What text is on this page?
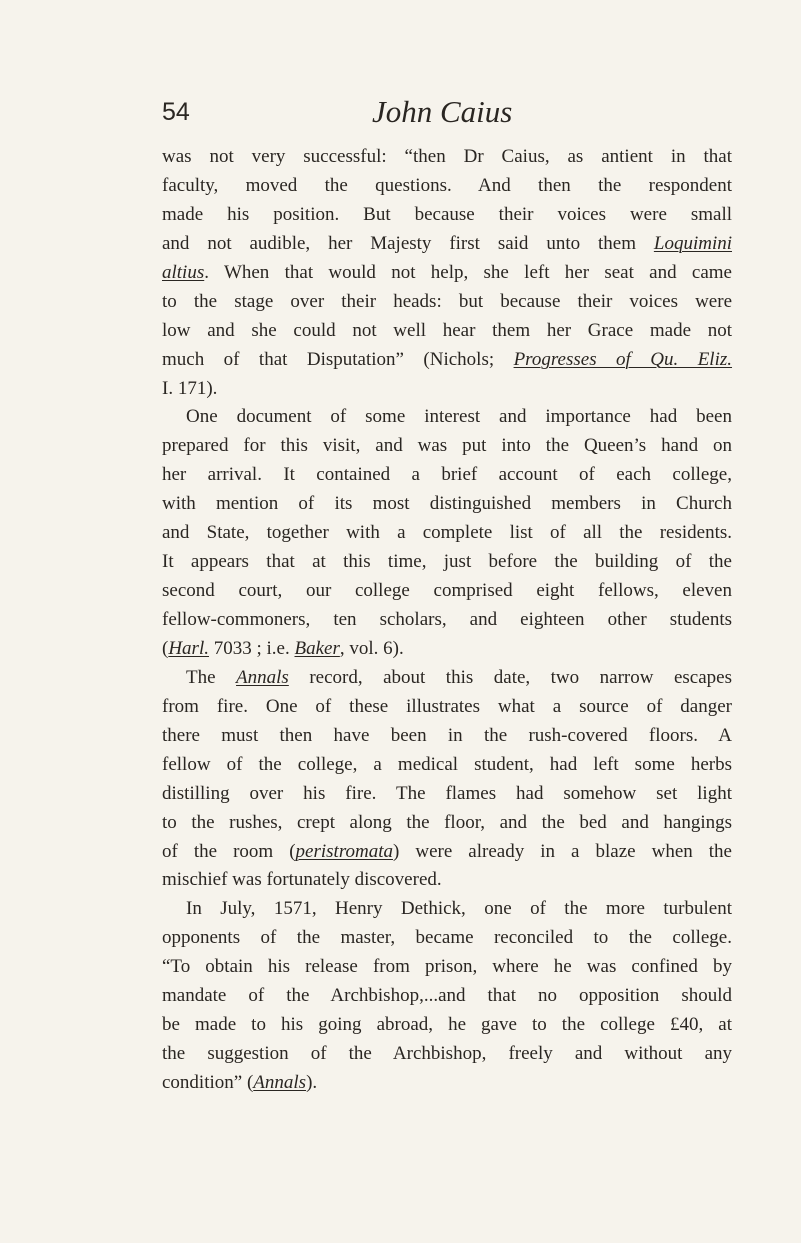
54	John Caius
was not very successful: “then Dr Caius, as antient in that
faculty, moved the questions. And then the respondent
made his position. But because their voices were small
and not audible, her Majesty first said unto them Loquimini
altius. When that would not help, she left her seat and came
to the stage over their heads: but because their voices were
low and she could not well hear them her Grace made not
much of that Disputation” (Nichols; Progresses of Qu. Eliz.
I. 171).
One document of some interest and importance had been
prepared for this visit, and was put into the Queen’s hand on
her arrival. It contained a brief account of each college,
with mention of its most distinguished members in Church
and State, together with a complete list of all the residents.
It appears that at this time, just before the building of the
second court, our college comprised eight fellows, eleven
fellow-commoners, ten scholars, and eighteen other students
(Harl. 7033 ; i.e. Baker, vol. 6).
The Annals record, about this date, two narrow escapes
from fire. One of these illustrates what a source of danger
there must then have been in the rush-covered floors. A
fellow of the college, a medical student, had left some herbs
distilling over his fire. The flames had somehow set light
to the rushes, crept along the floor, and the bed and hangings
of the room (peristromata) were already in a blaze when the
mischief was fortunately discovered.
In July, 1571, Henry Dethick, one of the more turbulent
opponents of the master, became reconciled to the college.
“To obtain his release from prison, where he was confined by
mandate of the Archbishop,...and that no opposition should
be made to his going abroad, he gave to the college £40, at
the suggestion of the Archbishop, freely and without any
condition” (Annals).
